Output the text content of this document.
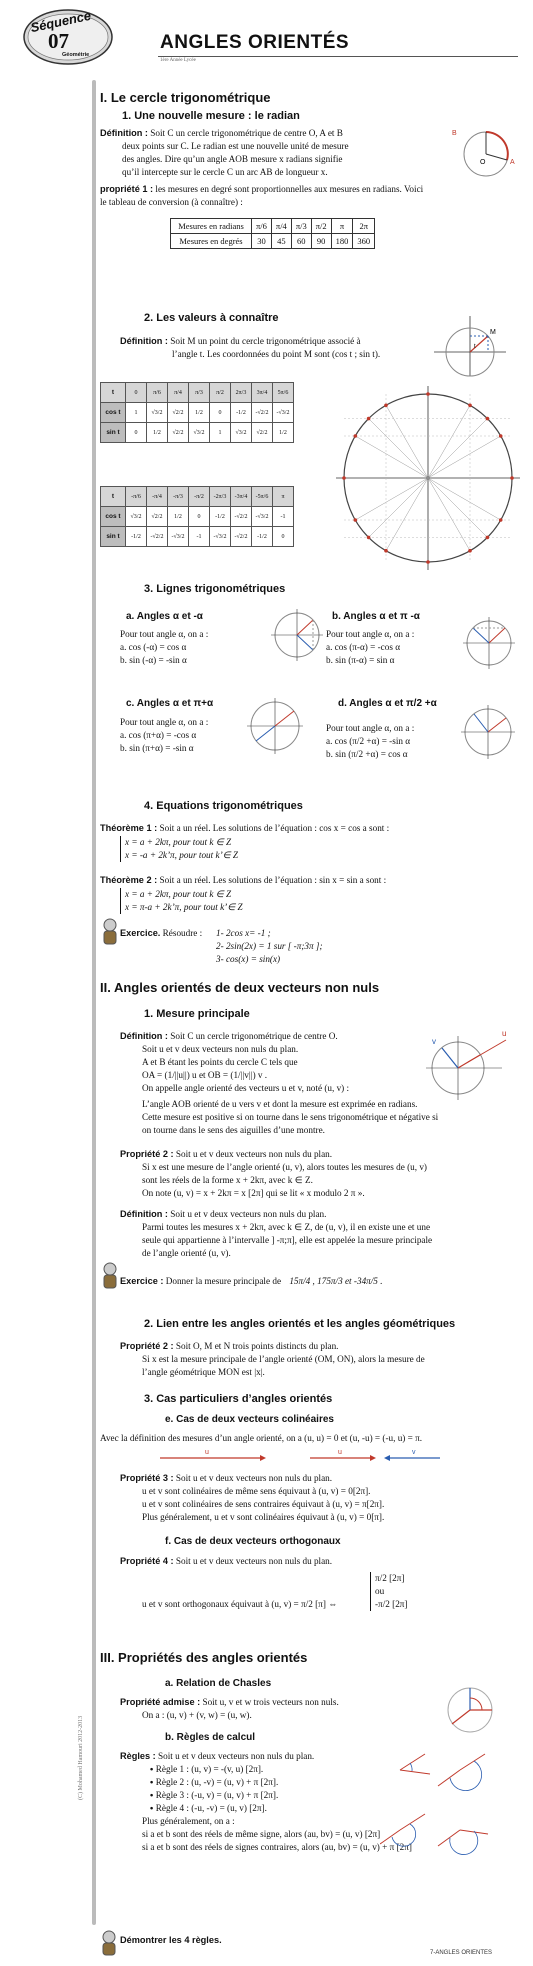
Séquence
07
Géométrie
ANGLES ORIENTÉS
1ère Année Lycée
(C) Mohamed Hamouri 2012-2013
7-ANGLES ORIENTES
I. Le cercle trigonométrique
1. Une nouvelle mesure : le radian
Définition : Soit C un cercle trigonométrique de centre O, A et B
deux points sur C. Le radian est une nouvelle unité de mesure
des angles. Dire qu’un angle AOB mesure x radians signifie
qu’il intercepte sur le cercle C un arc AB de longueur x.
B
A
O
propriété 1 : les mesures en degré sont proportionnelles aux mesures en radians. Voici
le tableau de conversion (à connaître) :
Mesures en radians	π/6	π/4	π/3	π/2	π	2π
Mesures en degrés	30	45	60	90	180	360
2. Les valeurs à connaître
Définition : Soit M un point du cercle trigonométrique associé à
l’angle t. Les coordonnées du point M sont (cos t ; sin t).
M
t
t	0	π/6	π/4	π/3	π/2	2π/3	3π/4	5π/6
cos t	1	√3/2	√2/2	1/2	0	-1/2	-√2/2	-√3/2
sin t	0	1/2	√2/2	√3/2	1	√3/2	√2/2	1/2
t	-π/6	-π/4	-π/3	-π/2	-2π/3	-3π/4	-5π/6	π
cos t	√3/2	√2/2	1/2	0	-1/2	-√2/2	-√3/2	-1
sin t	-1/2	-√2/2	-√3/2	-1	-√3/2	-√2/2	-1/2	0
3. Lignes trigonométriques
a. Angles α et -α
Pour tout angle α, on a :
a. cos (-α) = cos α
b. sin (-α) = -sin α
b. Angles α et π -α
Pour tout angle α, on a :
a. cos (π-α) = -cos α
b. sin (π-α) = sin α
c. Angles α et π+α
Pour tout angle α, on a :
a. cos (π+α) = -cos α
b. sin (π+α) = -sin α
d. Angles α et π/2 +α
Pour tout angle α, on a :
a. cos (π/2 +α) = -sin α
b. sin (π/2 +α) = cos α
4. Equations trigonométriques
Théorème 1 : Soit a un réel. Les solutions de l’équation : cos x = cos a sont :
x = a + 2kπ, pour tout k ∈ Z
x = -a + 2k’π, pour tout k’∈ Z
Théorème 2 : Soit a un réel. Les solutions de l’équation : sin x = sin a sont :
x = a + 2kπ, pour tout k ∈ Z
x = π-a + 2k’π, pour tout k’∈ Z
Exercice. Résoudre : 1- 2cos x= -1 ;
2- 2sin(2x) = 1 sur [ -π;3π ];
3- cos(x) = sin(x)
II. Angles orientés de deux vecteurs non nuls
1. Mesure principale
Définition : Soit C un cercle trigonométrique de centre O.
Soit u et v deux vecteurs non nuls du plan.
A et B étant les points du cercle C tels que
OA = (1/||u||) u et OB = (1/||v||) v .
On appelle angle orienté des vecteurs u et v, noté (u, v) :
L’angle AOB orienté de u vers v et dont la mesure est exprimée en radians.
Cette mesure est positive si on tourne dans le sens trigonométrique et négative si
on tourne dans le sens des aiguilles d’une montre.
u
v
Propriété 2 : Soit u et v deux vecteurs non nuls du plan.
Si x est une mesure de l’angle orienté (u, v), alors toutes les mesures de (u, v)
sont les réels de la forme x + 2kπ, avec k ∈ Z.
On note (u, v) = x + 2kπ = x [2π] qui se lit « x modulo 2 π ».
Définition : Soit u et v deux vecteurs non nuls du plan.
Parmi toutes les mesures x + 2kπ, avec k ∈ Z, de (u, v), il en existe une et une
seule qui appartienne à l’intervalle ] -π;π], elle est appelée la mesure principale
de l’angle orienté (u, v).
Exercice : Donner la mesure principale de 15π/4 , 175π/3 et -34π/5 .
2. Lien entre les angles orientés et les angles géométriques
Propriété 2 : Soit O, M et N trois points distincts du plan.
Si x est la mesure principale de l’angle orienté (OM, ON), alors la mesure de
l’angle géométrique MON est |x|.
3. Cas particuliers d’angles orientés
e. Cas de deux vecteurs colinéaires
Avec la définition des mesures d’un angle orienté, on a (u, u) = 0 et (u, -u) = (-u, u) = π.
u	u	v
Propriété 3 : Soit u et v deux vecteurs non nuls du plan.
u et v sont colinéaires de même sens équivaut à (u, v) = 0[2π].
u et v sont colinéaires de sens contraires équivaut à (u, v) = π[2π].
Plus généralement, u et v sont colinéaires équivaut à (u, v) = 0[π].
f. Cas de deux vecteurs orthogonaux
Propriété 4 : Soit u et v deux vecteurs non nuls du plan.
u et v sont orthogonaux équivaut à (u, v) = π/2 [π] ⇔
π/2 [2π]
ou
-π/2 [2π]
III. Propriétés des angles orientés
a. Relation de Chasles
Propriété admise : Soit u, v et w trois vecteurs non nuls.
On a : (u, v) + (v, w) = (u, w).
b. Règles de calcul
Règles : Soit u et v deux vecteurs non nuls du plan.
• Règle 1 : (u, v) = -(v, u) [2π].
• Règle 2 : (u, -v) = (u, v) + π [2π].
• Règle 3 : (-u, v) = (u, v) + π [2π].
• Règle 4 : (-u, -v) = (u, v) [2π].
Plus généralement, on a :
si a et b sont des réels de même signe, alors (au, bv) = (u, v) [2π]
si a et b sont des réels de signes contraires, alors (au, bv) = (u, v) + π [2π]
Démontrer les 4 règles.
